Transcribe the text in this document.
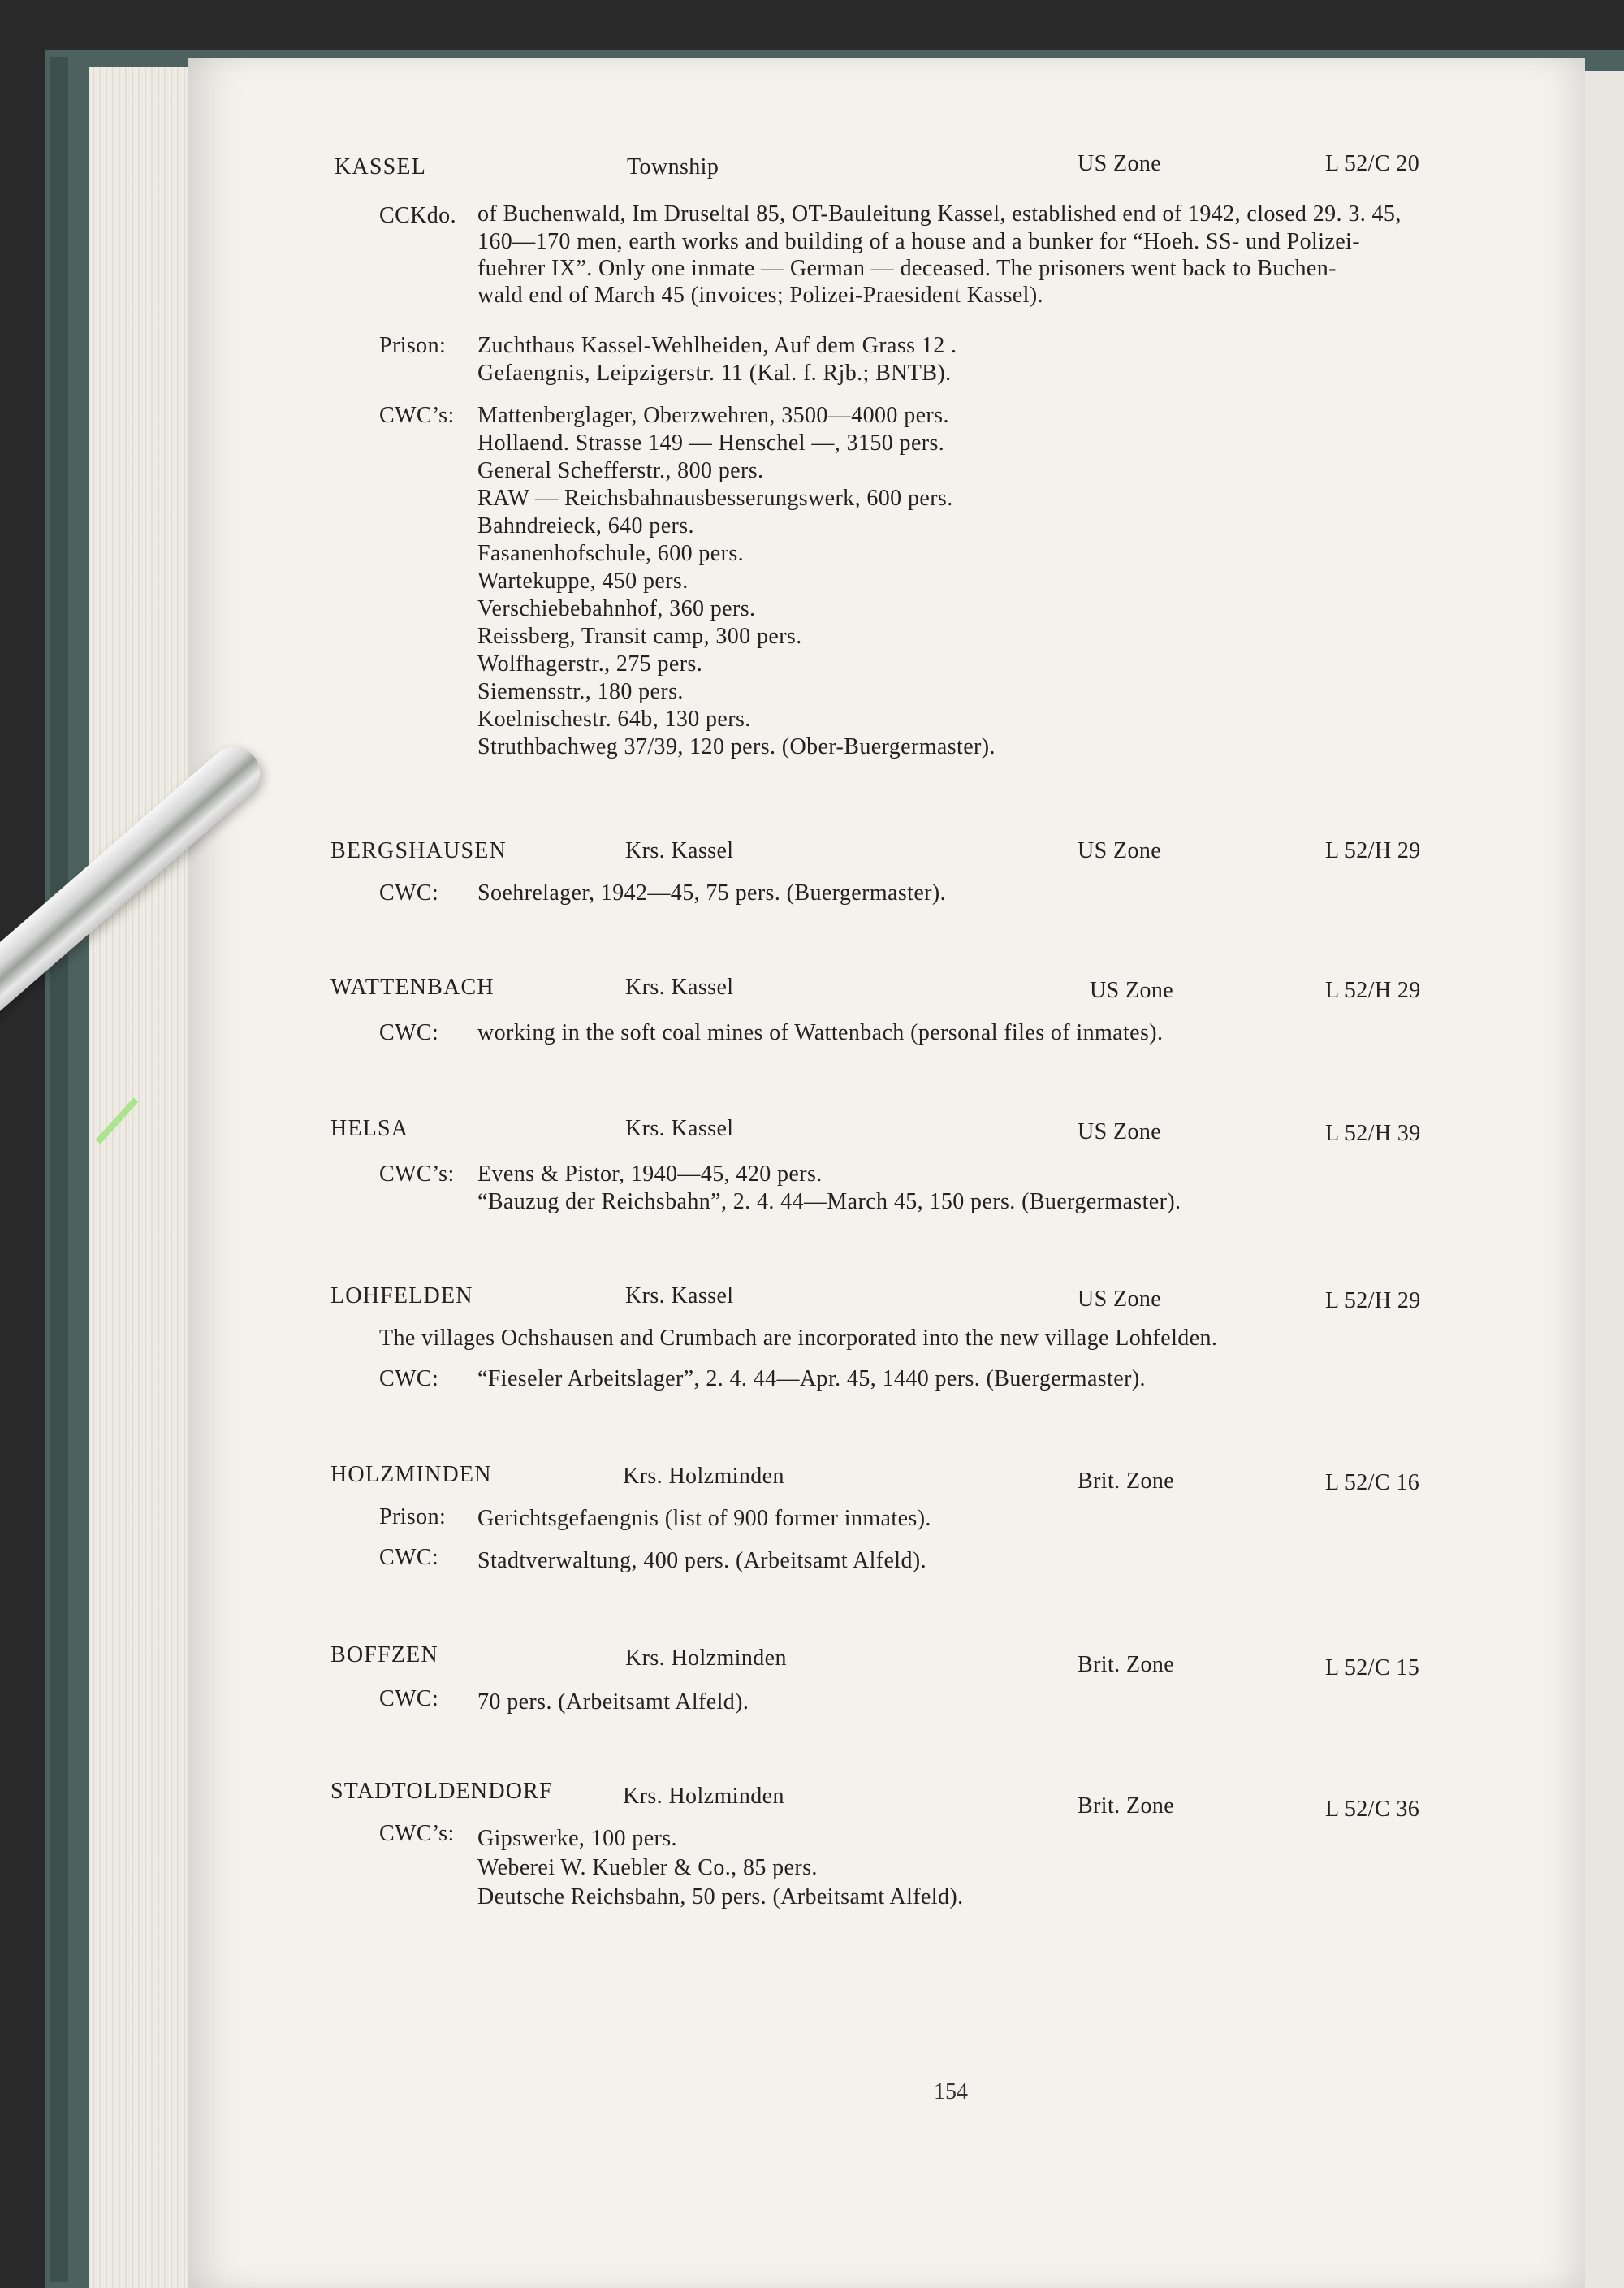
KASSEL	Township	US Zone	L 52/C 20
CCKdo. of Buchenwald, Im Druseltal 85, OT-Bauleitung Kassel, established end of 1942, closed 29. 3. 45,
160—170 men, earth works and building of a house and a bunker for “Hoeh. SS- und Polizei-
fuehrer IX”. Only one inmate — German — deceased. The prisoners went back to Buchen-
wald end of March 45 (invoices; Polizei-Praesident Kassel).
Prison: Zuchthaus Kassel-Wehlheiden, Auf dem Grass 12 .
Gefaengnis, Leipzigerstr. 11 (Kal. f. Rjb.; BNTB).
CWC’s: Mattenberglager, Oberzwehren, 3500—4000 pers.
Hollaend. Strasse 149 — Henschel —, 3150 pers.
General Schefferstr., 800 pers.
RAW — Reichsbahnausbesserungswerk, 600 pers.
Bahndreieck, 640 pers.
Fasanenhofschule, 600 pers.
Wartekuppe, 450 pers.
Verschiebebahnhof, 360 pers.
Reissberg, Transit camp, 300 pers.
Wolfhagerstr., 275 pers.
Siemensstr., 180 pers.
Koelnischestr. 64b, 130 pers.
Struthbachweg 37/39, 120 pers. (Ober-Buergermaster).
BERGSHAUSEN	Krs. Kassel	US Zone	L 52/H 29
CWC: Soehrelager, 1942—45, 75 pers. (Buergermaster).
WATTENBACH	Krs. Kassel	US Zone	L 52/H 29
CWC: working in the soft coal mines of Wattenbach (personal files of inmates).
HELSA	Krs. Kassel	US Zone	L 52/H 39
CWC’s: Evens & Pistor, 1940—45, 420 pers.
“Bauzug der Reichsbahn”, 2. 4. 44—March 45, 150 pers. (Buergermaster).
LOHFELDEN	Krs. Kassel	US Zone	L 52/H 29
The villages Ochshausen and Crumbach are incorporated into the new village Lohfelden.
CWC: “Fieseler Arbeitslager”, 2. 4. 44—Apr. 45, 1440 pers. (Buergermaster).
HOLZMINDEN	Krs. Holzminden	Brit. Zone	L 52/C 16
Prison: Gerichtsgefaengnis (list of 900 former inmates).
CWC: Stadtverwaltung, 400 pers. (Arbeitsamt Alfeld).
BOFFZEN	Krs. Holzminden	Brit. Zone	L 52/C 15
CWC: 70 pers. (Arbeitsamt Alfeld).
STADTOLDENDORF	Krs. Holzminden	Brit. Zone	L 52/C 36
CWC’s: Gipswerke, 100 pers.
Weberei W. Kuebler & Co., 85 pers.
Deutsche Reichsbahn, 50 pers. (Arbeitsamt Alfeld).
154
